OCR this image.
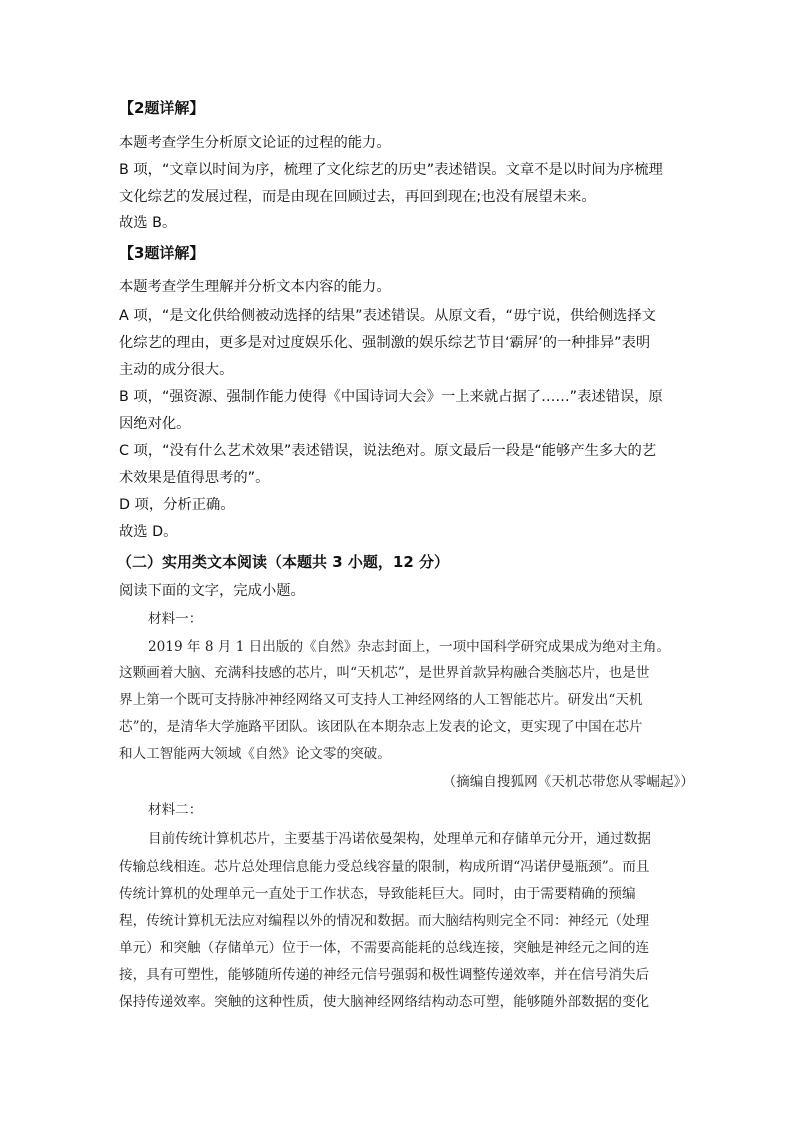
【2题详解】
本题考查学生分析原文论证的过程的能力。
B 项，“文章以时间为序，梳理了文化综艺的历史”表述错误。文章不是以时间为序梳理
文化综艺的发展过程，而是由现在回顾过去，再回到现在;也没有展望未来。
故选 B。
【3题详解】
本题考查学生理解并分析文本内容的能力。
A 项，“是文化供给侧被动选择的结果”表述错误。从原文看，“毋宁说，供给侧选择文
化综艺的理由，更多是对过度娱乐化、强制激的娱乐综艺节目‘霸屏’的一种排异”表明
主动的成分很大。
B 项，“强资源、强制作能力使得《中国诗词大会》一上来就占据了……”表述错误，原
因绝对化。
C 项，“没有什么艺术效果”表述错误，说法绝对。原文最后一段是“能够产生多大的艺
术效果是值得思考的”。
D 项，分析正确。
故选 D。
（二）实用类文本阅读（本题共 3 小题，12 分）
阅读下面的文字，完成小题。
材料一：
2019 年 8 月 1 日出版的《自然》杂志封面上，一项中国科学研究成果成为绝对主角。
这颗画着大脑、充满科技感的芯片，叫“天机芯”，是世界首款异构融合类脑芯片，也是世
界上第一个既可支持脉冲神经网络又可支持人工神经网络的人工智能芯片。研发出“天机
芯”的，是清华大学施路平团队。该团队在本期杂志上发表的论文，更实现了中国在芯片
和人工智能两大领域《自然》论文零的突破。
（摘编自搜狐网《天机芯带您从零崛起》）
材料二：
目前传统计算机芯片，主要基于冯诺依曼架构，处理单元和存储单元分开，通过数据
传输总线相连。芯片总处理信息能力受总线容量的限制，构成所谓“冯诺伊曼瓶颈”。而且
传统计算机的处理单元一直处于工作状态，导致能耗巨大。同时，由于需要精确的预编
程，传统计算机无法应对编程以外的情况和数据。而大脑结构则完全不同：神经元（处理
单元）和突触（存储单元）位于一体，不需要高能耗的总线连接，突触是神经元之间的连
接，具有可塑性，能够随所传递的神经元信号强弱和极性调整传递效率，并在信号消失后
保持传递效率。突触的这种性质，使大脑神经网络结构动态可塑，能够随外部数据的变化
